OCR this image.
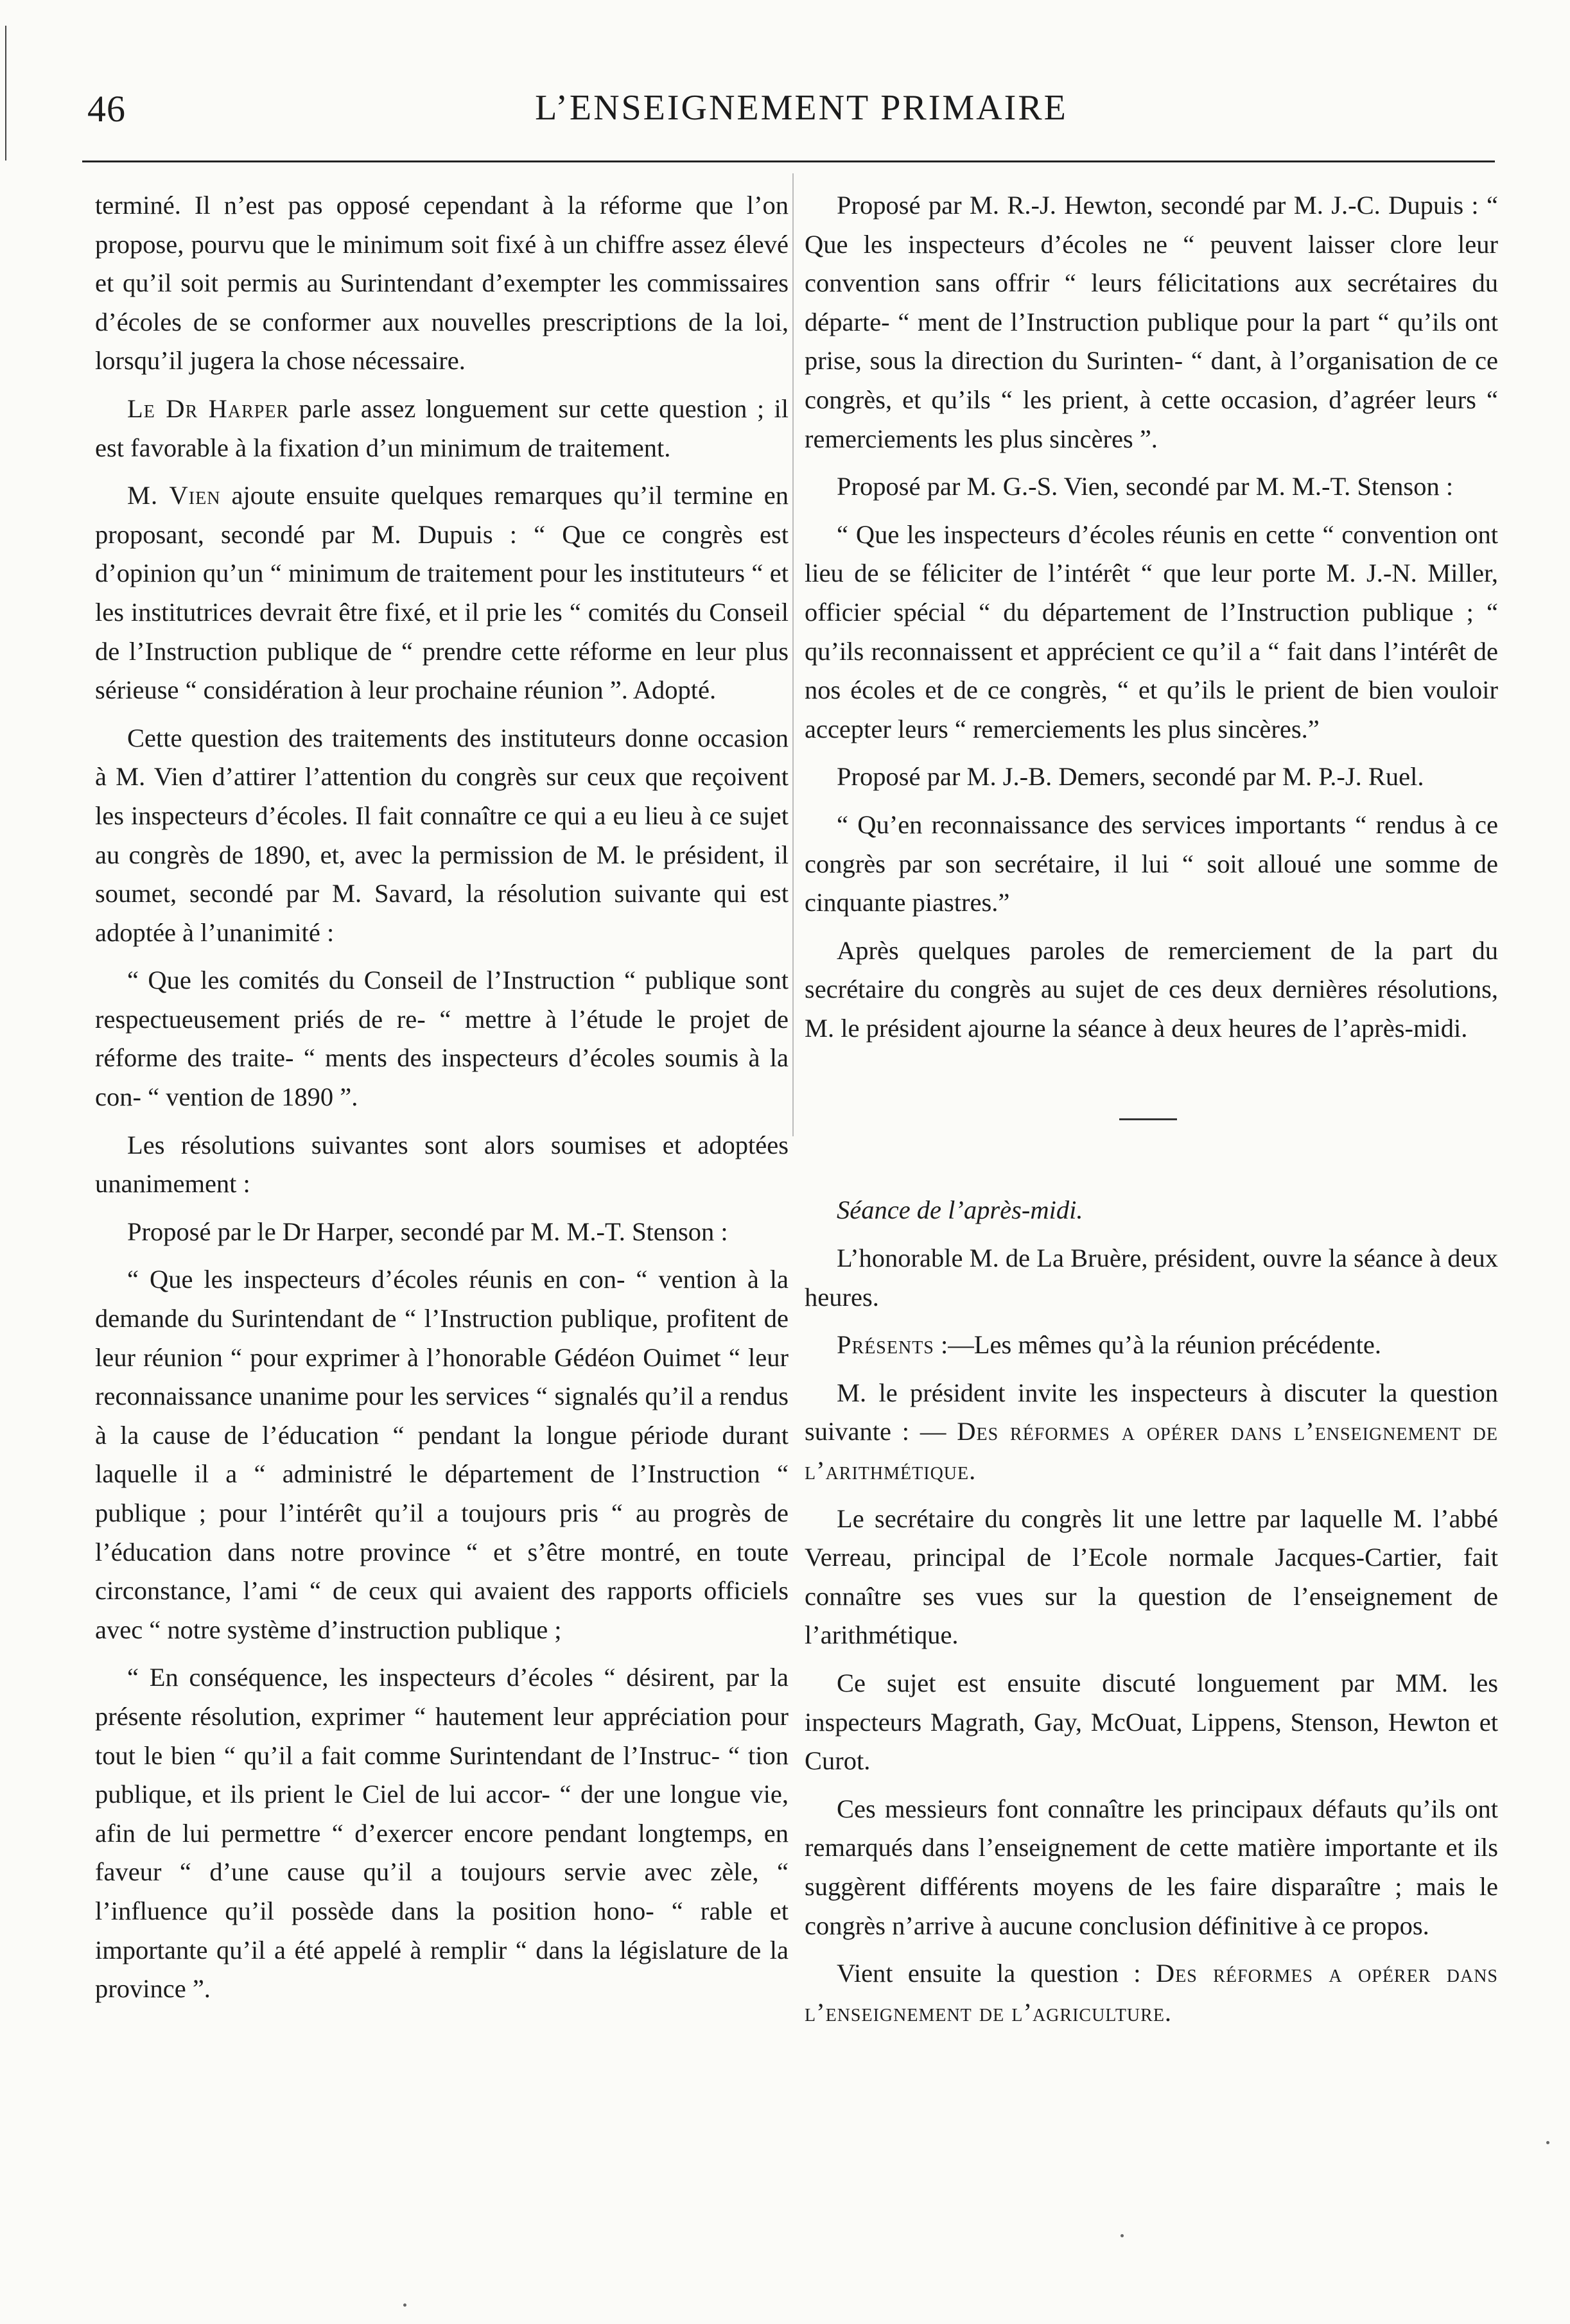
46	L’ENSEIGNEMENT PRIMAIRE

terminé. Il n’est pas opposé cependant à la réforme que l’on propose, pourvu que le minimum soit fixé à un chiffre assez élevé et qu’il soit permis au Surintendant d’exempter les commissaires d’écoles de se conformer aux nouvelles prescriptions de la loi, lorsqu’il jugera la chose nécessaire.

Le Dr Harper parle assez longuement sur cette question ; il est favorable à la fixation d’un minimum de traitement.

M. Vien ajoute ensuite quelques remarques qu’il termine en proposant, secondé par M. Dupuis : “ Que ce congrès est d’opinion qu’un “ minimum de traitement pour les instituteurs “ et les institutrices devrait être fixé, et il prie les “ comités du Conseil de l’Instruction publique de “ prendre cette réforme en leur plus sérieuse “ considération à leur prochaine réunion ”. Adopté.

Cette question des traitements des instituteurs donne occasion à M. Vien d’attirer l’attention du congrès sur ceux que reçoivent les inspecteurs d’écoles. Il fait connaître ce qui a eu lieu à ce sujet au congrès de 1890, et, avec la permission de M. le président, il soumet, secondé par M. Savard, la résolution suivante qui est adoptée à l’unanimité :

“ Que les comités du Conseil de l’Instruction “ publique sont respectueusement priés de re- “ mettre à l’étude le projet de réforme des traite- “ ments des inspecteurs d’écoles soumis à la con- “ vention de 1890 ”.

Les résolutions suivantes sont alors soumises et adoptées unanimement :

Proposé par le Dr Harper, secondé par M. M.-T. Stenson :

“ Que les inspecteurs d’écoles réunis en con- “ vention à la demande du Surintendant de “ l’Instruction publique, profitent de leur réunion “ pour exprimer à l’honorable Gédéon Ouimet “ leur reconnaissance unanime pour les services “ signalés qu’il a rendus à la cause de l’éducation “ pendant la longue période durant laquelle il a “ administré le département de l’Instruction “ publique ; pour l’intérêt qu’il a toujours pris “ au progrès de l’éducation dans notre province “ et s’être montré, en toute circonstance, l’ami “ de ceux qui avaient des rapports officiels avec “ notre système d’instruction publique ;

“ En conséquence, les inspecteurs d’écoles “ désirent, par la présente résolution, exprimer “ hautement leur appréciation pour tout le bien “ qu’il a fait comme Surintendant de l’Instruc- “ tion publique, et ils prient le Ciel de lui accor- “ der une longue vie, afin de lui permettre “ d’exercer encore pendant longtemps, en faveur “ d’une cause qu’il a toujours servie avec zèle, “ l’influence qu’il possède dans la position hono- “ rable et importante qu’il a été appelé à remplir “ dans la législature de la province ”.

Proposé par M. R.-J. Hewton, secondé par M. J.-C. Dupuis : “ Que les inspecteurs d’écoles ne “ peuvent laisser clore leur convention sans offrir “ leurs félicitations aux secrétaires du départe- “ ment de l’Instruction publique pour la part “ qu’ils ont prise, sous la direction du Surinten- “ dant, à l’organisation de ce congrès, et qu’ils “ les prient, à cette occasion, d’agréer leurs “ remerciements les plus sincères ”.

Proposé par M. G.-S. Vien, secondé par M. M.-T. Stenson :

“ Que les inspecteurs d’écoles réunis en cette “ convention ont lieu de se féliciter de l’intérêt “ que leur porte M. J.-N. Miller, officier spécial “ du département de l’Instruction publique ; “ qu’ils reconnaissent et apprécient ce qu’il a “ fait dans l’intérêt de nos écoles et de ce congrès, “ et qu’ils le prient de bien vouloir accepter leurs “ remerciements les plus sincères.”

Proposé par M. J.-B. Demers, secondé par M. P.-J. Ruel.

“ Qu’en reconnaissance des services importants “ rendus à ce congrès par son secrétaire, il lui “ soit alloué une somme de cinquante piastres.”

Après quelques paroles de remerciement de la part du secrétaire du congrès au sujet de ces deux dernières résolutions, M. le président ajourne la séance à deux heures de l’après-midi.

Séance de l’après-midi.

L’honorable M. de La Bruère, président, ouvre la séance à deux heures.

Présents :—Les mêmes qu’à la réunion précédente.

M. le président invite les inspecteurs à discuter la question suivante : — Des réformes a opérer dans l’enseignement de l’arithmétique.

Le secrétaire du congrès lit une lettre par laquelle M. l’abbé Verreau, principal de l’Ecole normale Jacques-Cartier, fait connaître ses vues sur la question de l’enseignement de l’arithmétique.

Ce sujet est ensuite discuté longuement par MM. les inspecteurs Magrath, Gay, McOuat, Lippens, Stenson, Hewton et Curot.

Ces messieurs font connaître les principaux défauts qu’ils ont remarqués dans l’enseignement de cette matière importante et ils suggèrent différents moyens de les faire disparaître ; mais le congrès n’arrive à aucune conclusion définitive à ce propos.

Vient ensuite la question : Des réformes a opérer dans l’enseignement de l’agriculture.
